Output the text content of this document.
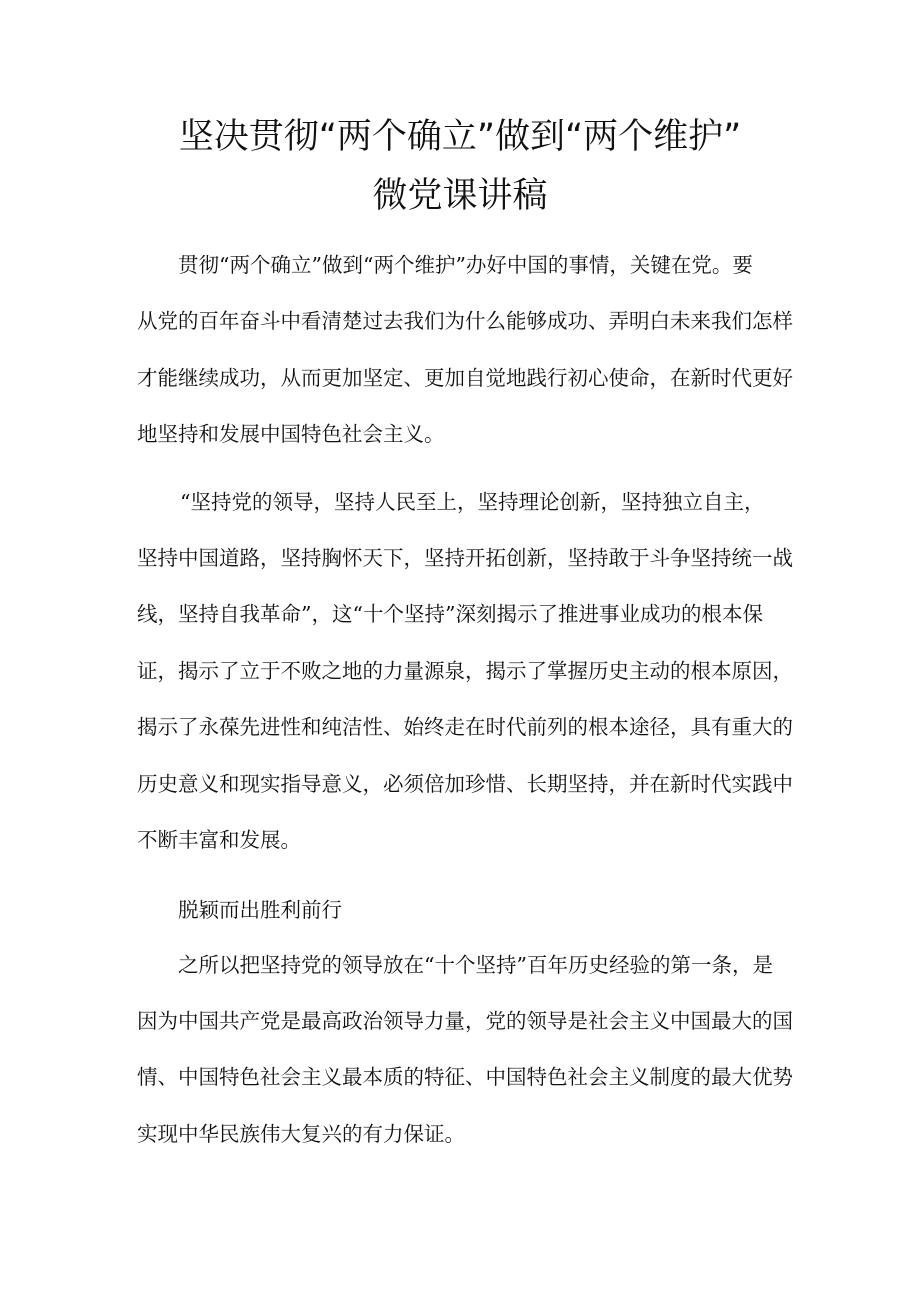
坚决贯彻“两个确立”做到“两个维护”
微党课讲稿
贯彻“两个确立”做到“两个维护”办好中国的事情，关键在党。要
从党的百年奋斗中看清楚过去我们为什么能够成功、弄明白未来我们怎样
才能继续成功，从而更加坚定、更加自觉地践行初心使命，在新时代更好
地坚持和发展中国特色社会主义。
“坚持党的领导，坚持人民至上，坚持理论创新，坚持独立自主，
坚持中国道路，坚持胸怀天下，坚持开拓创新，坚持敢于斗争坚持统一战
线，坚持自我革命”，这“十个坚持”深刻揭示了推进事业成功的根本保
证，揭示了立于不败之地的力量源泉，揭示了掌握历史主动的根本原因，
揭示了永葆先进性和纯洁性、始终走在时代前列的根本途径，具有重大的
历史意义和现实指导意义，必须倍加珍惜、长期坚持，并在新时代实践中
不断丰富和发展。
脱颖而出胜利前行
之所以把坚持党的领导放在“十个坚持”百年历史经验的第一条，是
因为中国共产党是最高政治领导力量，党的领导是社会主义中国最大的国
情、中国特色社会主义最本质的特征、中国特色社会主义制度的最大优势
实现中华民族伟大复兴的有力保证。
